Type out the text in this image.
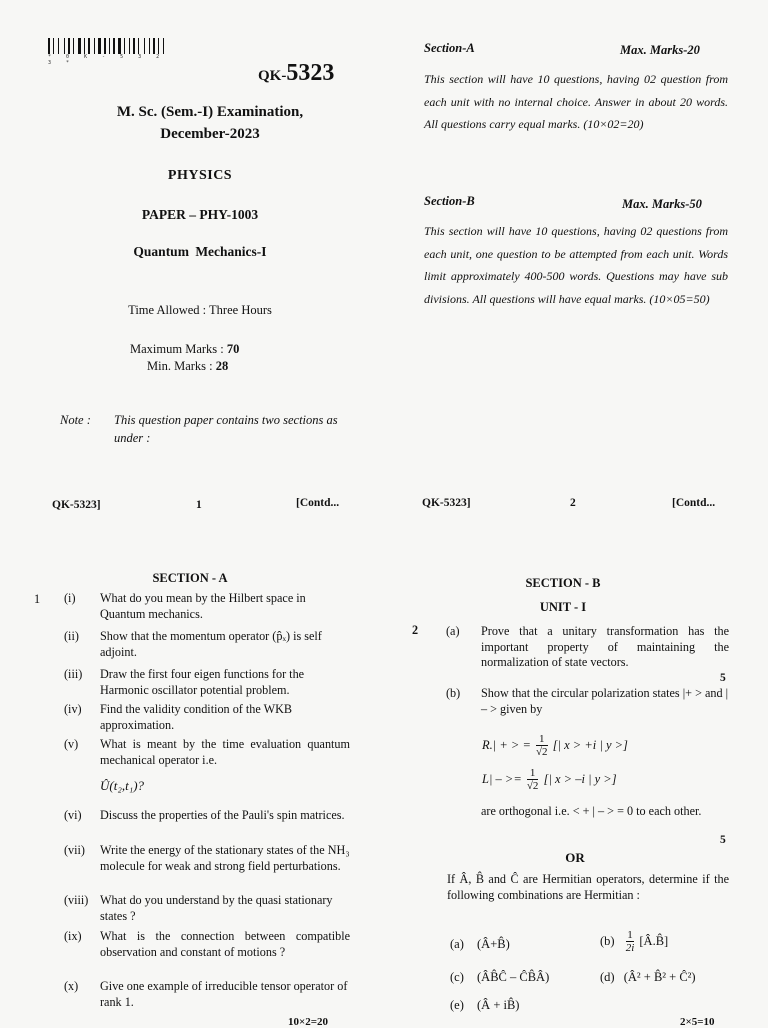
* 0 K - 5 3 2 3 *
QK-5323
M. Sc. (Sem.-I) Examination,
December-2023
PHYSICS
PAPER – PHY-1003
Quantum Mechanics-I
Time Allowed : Three Hours
Maximum Marks : 70
Min. Marks : 28
Note : This question paper contains two sections as under :
QK-5323]	1	[Contd...
Section-A	Max. Marks-20
This section will have 10 questions, having 02 question from each unit with no internal choice. Answer in about 20 words. All questions carry equal marks. (10×02=20)
Section-B	Max. Marks-50
This section will have 10 questions, having 02 questions from each unit, one question to be attempted from each unit. Words limit approximately 400-500 words. Questions may have sub divisions. All questions will have equal marks. (10×05=50)
QK-5323]	2	[Contd...
SECTION - A
1 (i) What do you mean by the Hilbert space in Quantum mechanics.
(ii) Show that the momentum operator (p̂ₓ) is self adjoint.
(iii) Draw the first four eigen functions for the Harmonic oscillator potential problem.
(iv) Find the validity condition of the WKB approximation.
(v) What is meant by the time evaluation quantum mechanical operator i.e.
Û(t₂,t₁)?
(vi) Discuss the properties of the Pauli's spin matrices.
(vii) Write the energy of the stationary states of the NH₃ molecule for weak and strong field perturbations.
(viii) What do you understand by the quasi stationary states ?
(ix) What is the connection between compatible observation and constant of motions ?
(x) Give one example of irreducible tensor operator of rank 1.
10×2=20
SECTION - B
UNIT - I
2 (a) Prove that a unitary transformation has the important property of maintaining the normalization of state vectors.
5
(b) Show that the circular polarization states |+ > and | – > given by
R.| + > = $\frac{1}{√2}$ [| x > +i | y >]
L| – >= $\frac{1}{√2}$ [| x > –i | y >]
are orthogonal i.e. < + | – > = 0 to each other.
5
OR
If Â, B̂ and Ĉ are Hermitian operators, determine if the following combinations are Hermitian :
(a) (Â+B̂)	$(b) \frac{1}{2i}$ [Â.B̂]
(c) (ÂB̂Ĉ – ĈB̂Â)	(d) (Â² + B̂² + Ĉ²)
(e) (Â + iB̂)
2×5=10
